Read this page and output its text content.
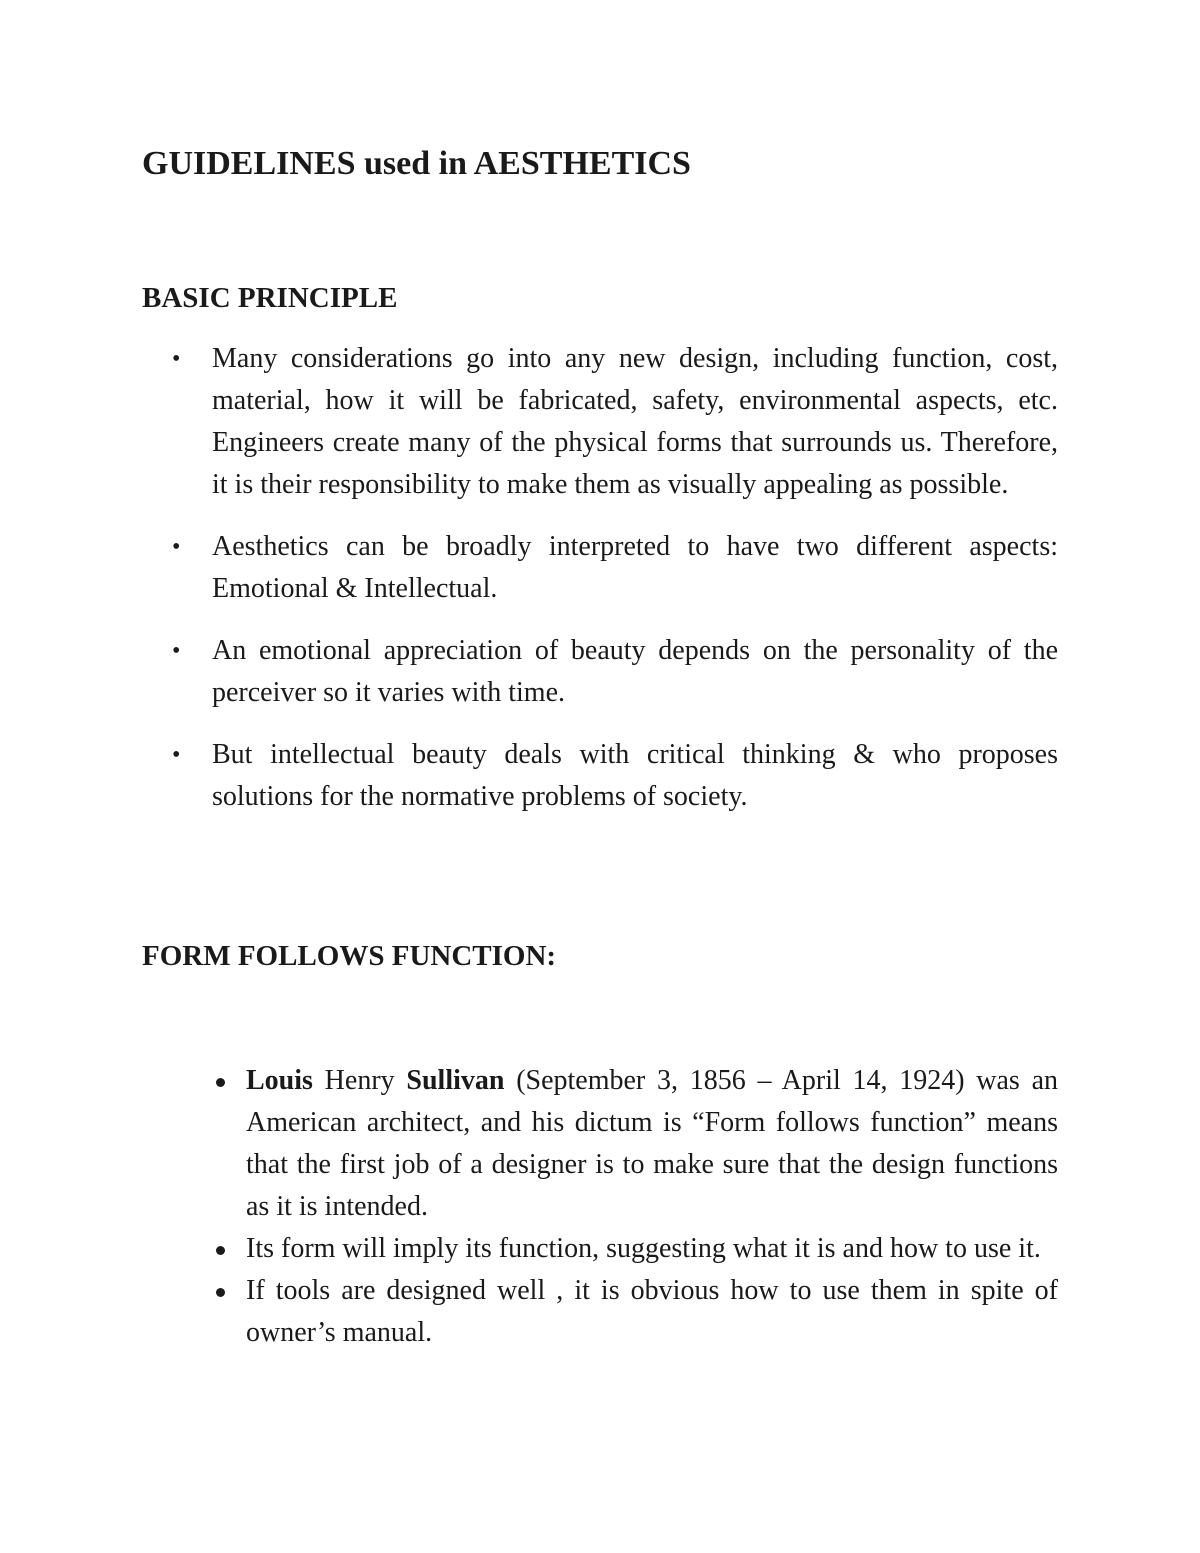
GUIDELINES used in AESTHETICS
BASIC PRINCIPLE
•	Many considerations go into any new design, including function, cost, material, how it will be fabricated, safety, environmental aspects, etc. Engineers create many of the physical forms that surrounds us. Therefore, it is their responsibility to make them as visually appealing as possible.
•	Aesthetics can be broadly interpreted to have two different aspects: Emotional & Intellectual.
•	An emotional appreciation of beauty depends on the personality of the perceiver so it varies with time.
•	But intellectual beauty deals with critical thinking & who proposes solutions for the normative problems of society.
FORM FOLLOWS FUNCTION:
Louis Henry Sullivan (September 3, 1856 – April 14, 1924) was an American architect, and his dictum is “Form follows function” means that the first job of a designer is to make sure that the design functions as it is intended.
Its form will imply its function, suggesting what it is and how to use it.
If tools are designed well , it is obvious how to use them in spite of owner’s manual.
